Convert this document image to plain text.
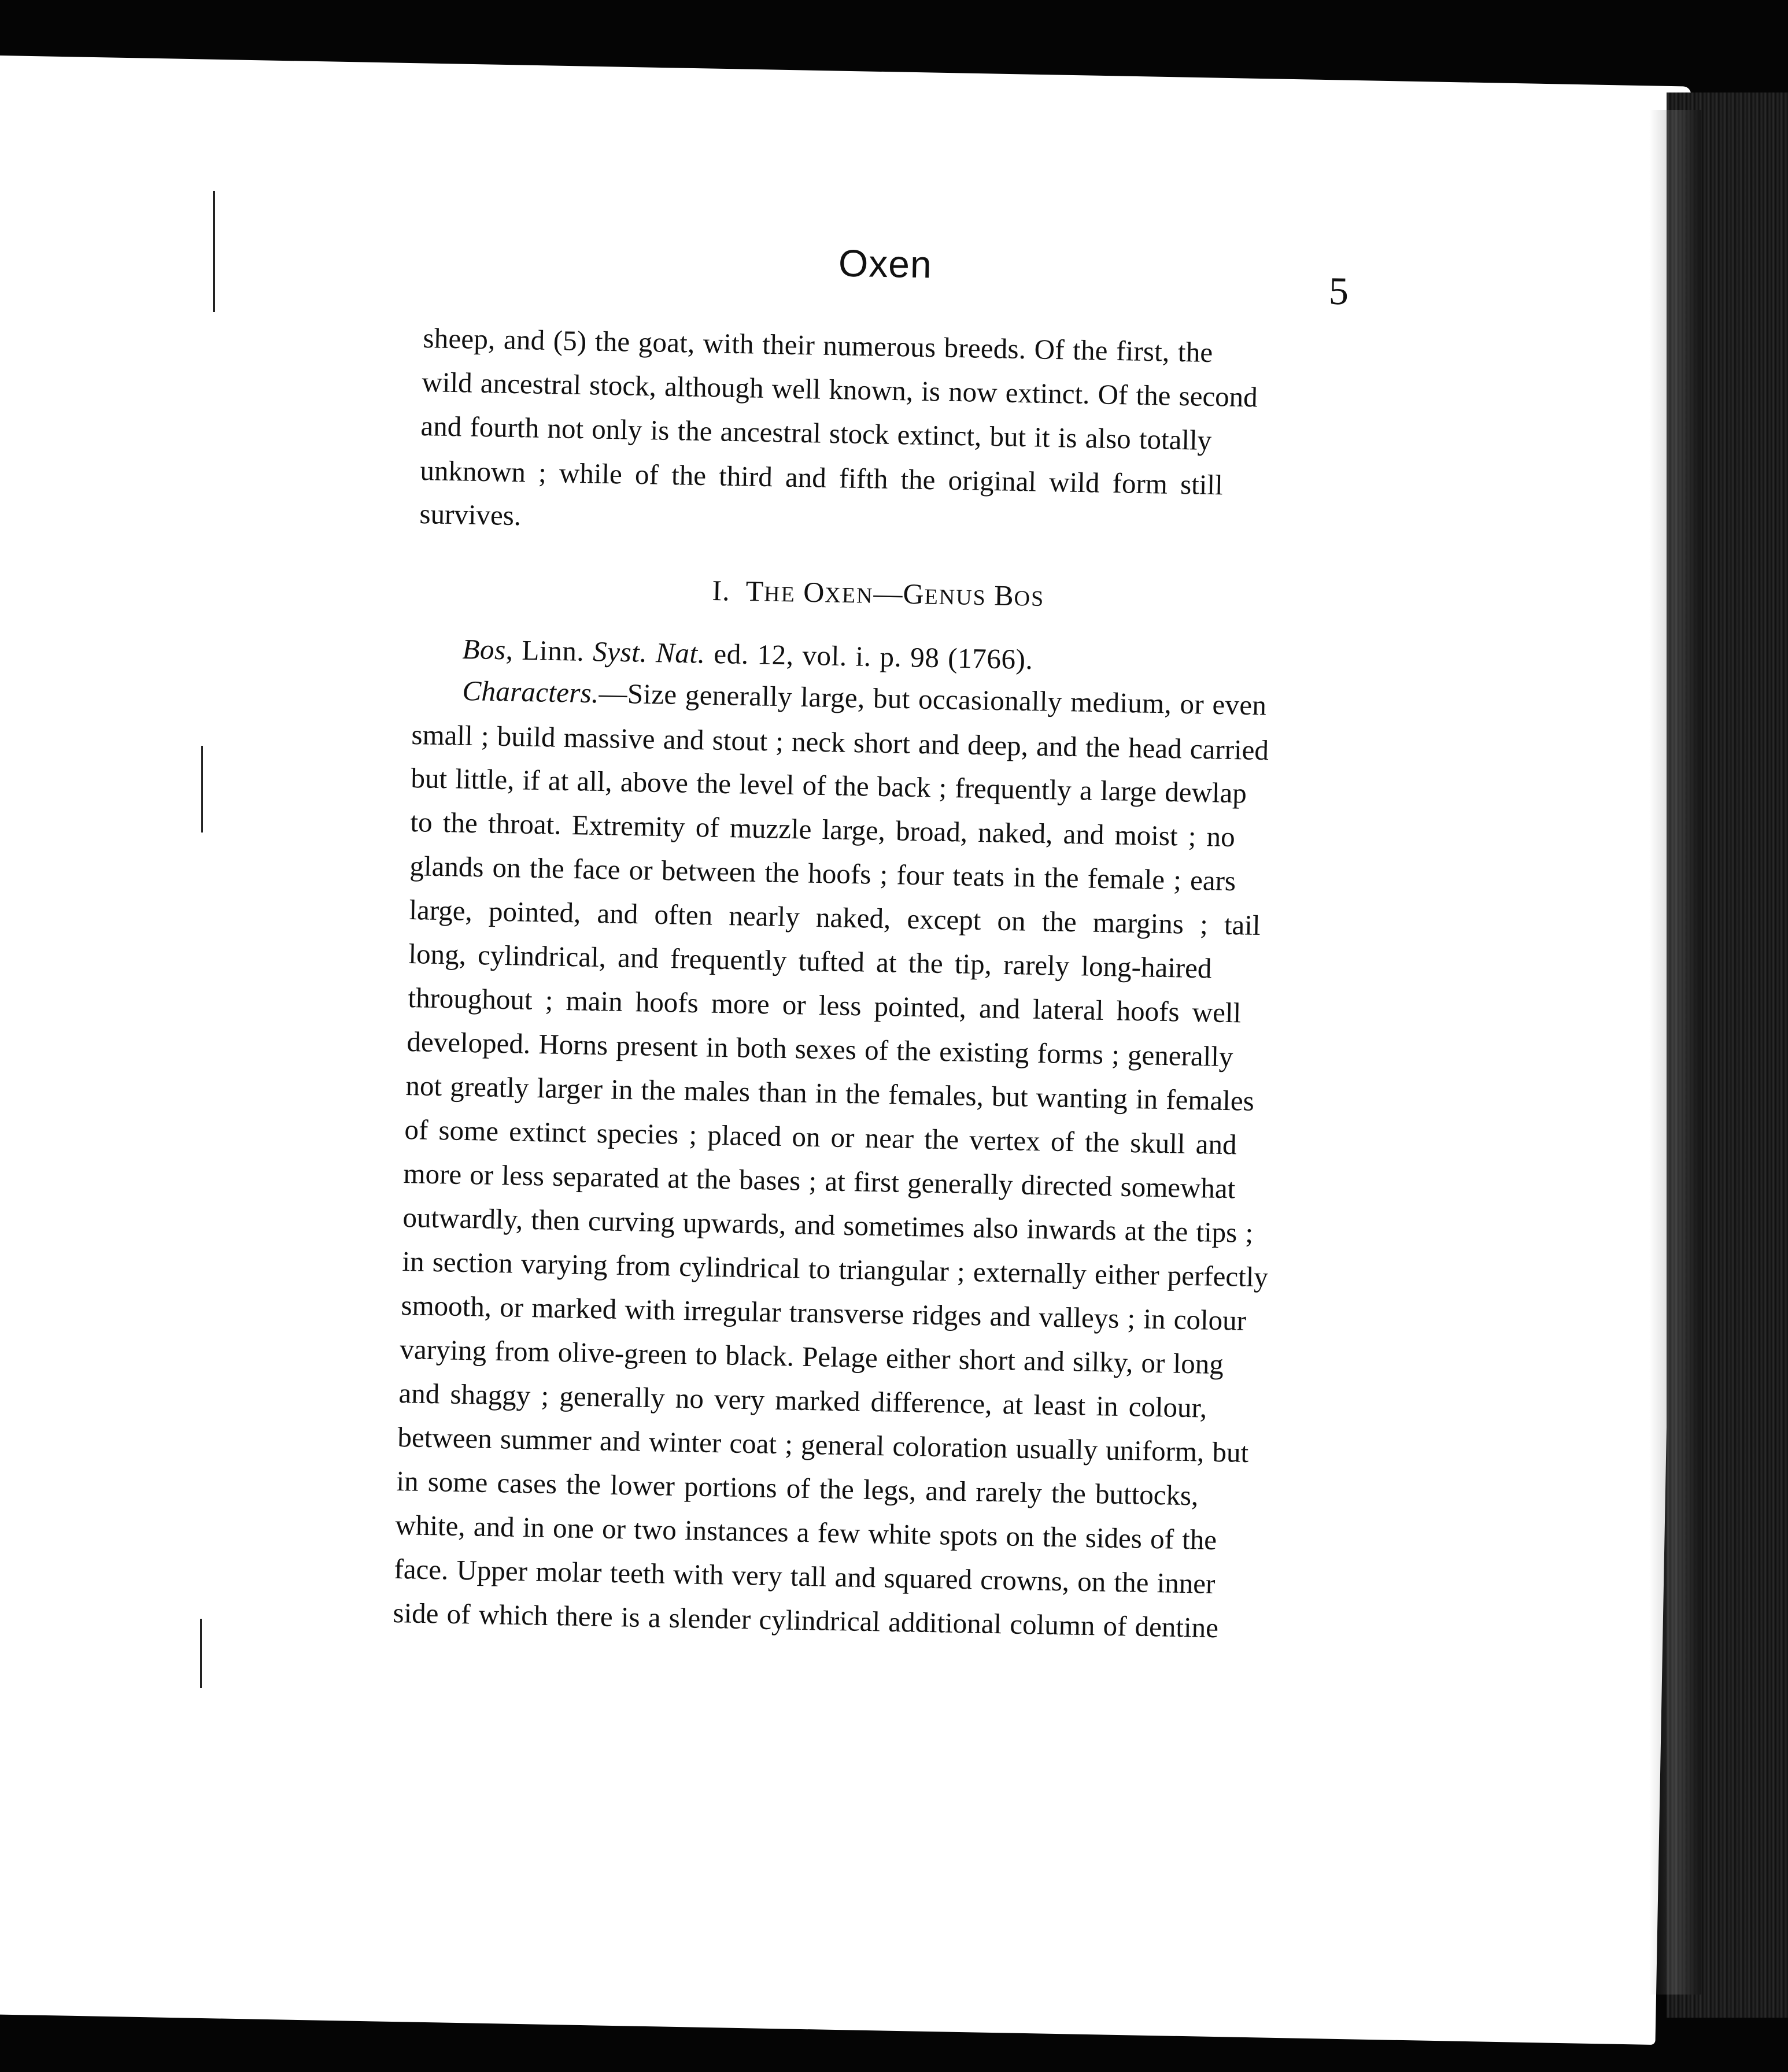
Oxen
5
sheep, and (5) the goat, with their numerous breeds. Of the first, the
wild ancestral stock, although well known, is now extinct. Of the second
and fourth not only is the ancestral stock extinct, but it is also totally
unknown ; while of the third and fifth the original wild form still
survives.
I. THE OXEN—GENUS BOS
Bos, Linn. Syst. Nat. ed. 12, vol. i. p. 98 (1766).
Characters.—Size generally large, but occasionally medium, or even
small ; build massive and stout ; neck short and deep, and the head carried
but little, if at all, above the level of the back ; frequently a large dewlap
to the throat. Extremity of muzzle large, broad, naked, and moist ; no
glands on the face or between the hoofs ; four teats in the female ; ears
large, pointed, and often nearly naked, except on the margins ; tail
long, cylindrical, and frequently tufted at the tip, rarely long-haired
throughout ; main hoofs more or less pointed, and lateral hoofs well
developed. Horns present in both sexes of the existing forms ; generally
not greatly larger in the males than in the females, but wanting in females
of some extinct species ; placed on or near the vertex of the skull and
more or less separated at the bases ; at first generally directed somewhat
outwardly, then curving upwards, and sometimes also inwards at the tips ;
in section varying from cylindrical to triangular ; externally either perfectly
smooth, or marked with irregular transverse ridges and valleys ; in colour
varying from olive-green to black. Pelage either short and silky, or long
and shaggy ; generally no very marked difference, at least in colour,
between summer and winter coat ; general coloration usually uniform, but
in some cases the lower portions of the legs, and rarely the buttocks,
white, and in one or two instances a few white spots on the sides of the
face. Upper molar teeth with very tall and squared crowns, on the inner
side of which there is a slender cylindrical additional column of dentine
